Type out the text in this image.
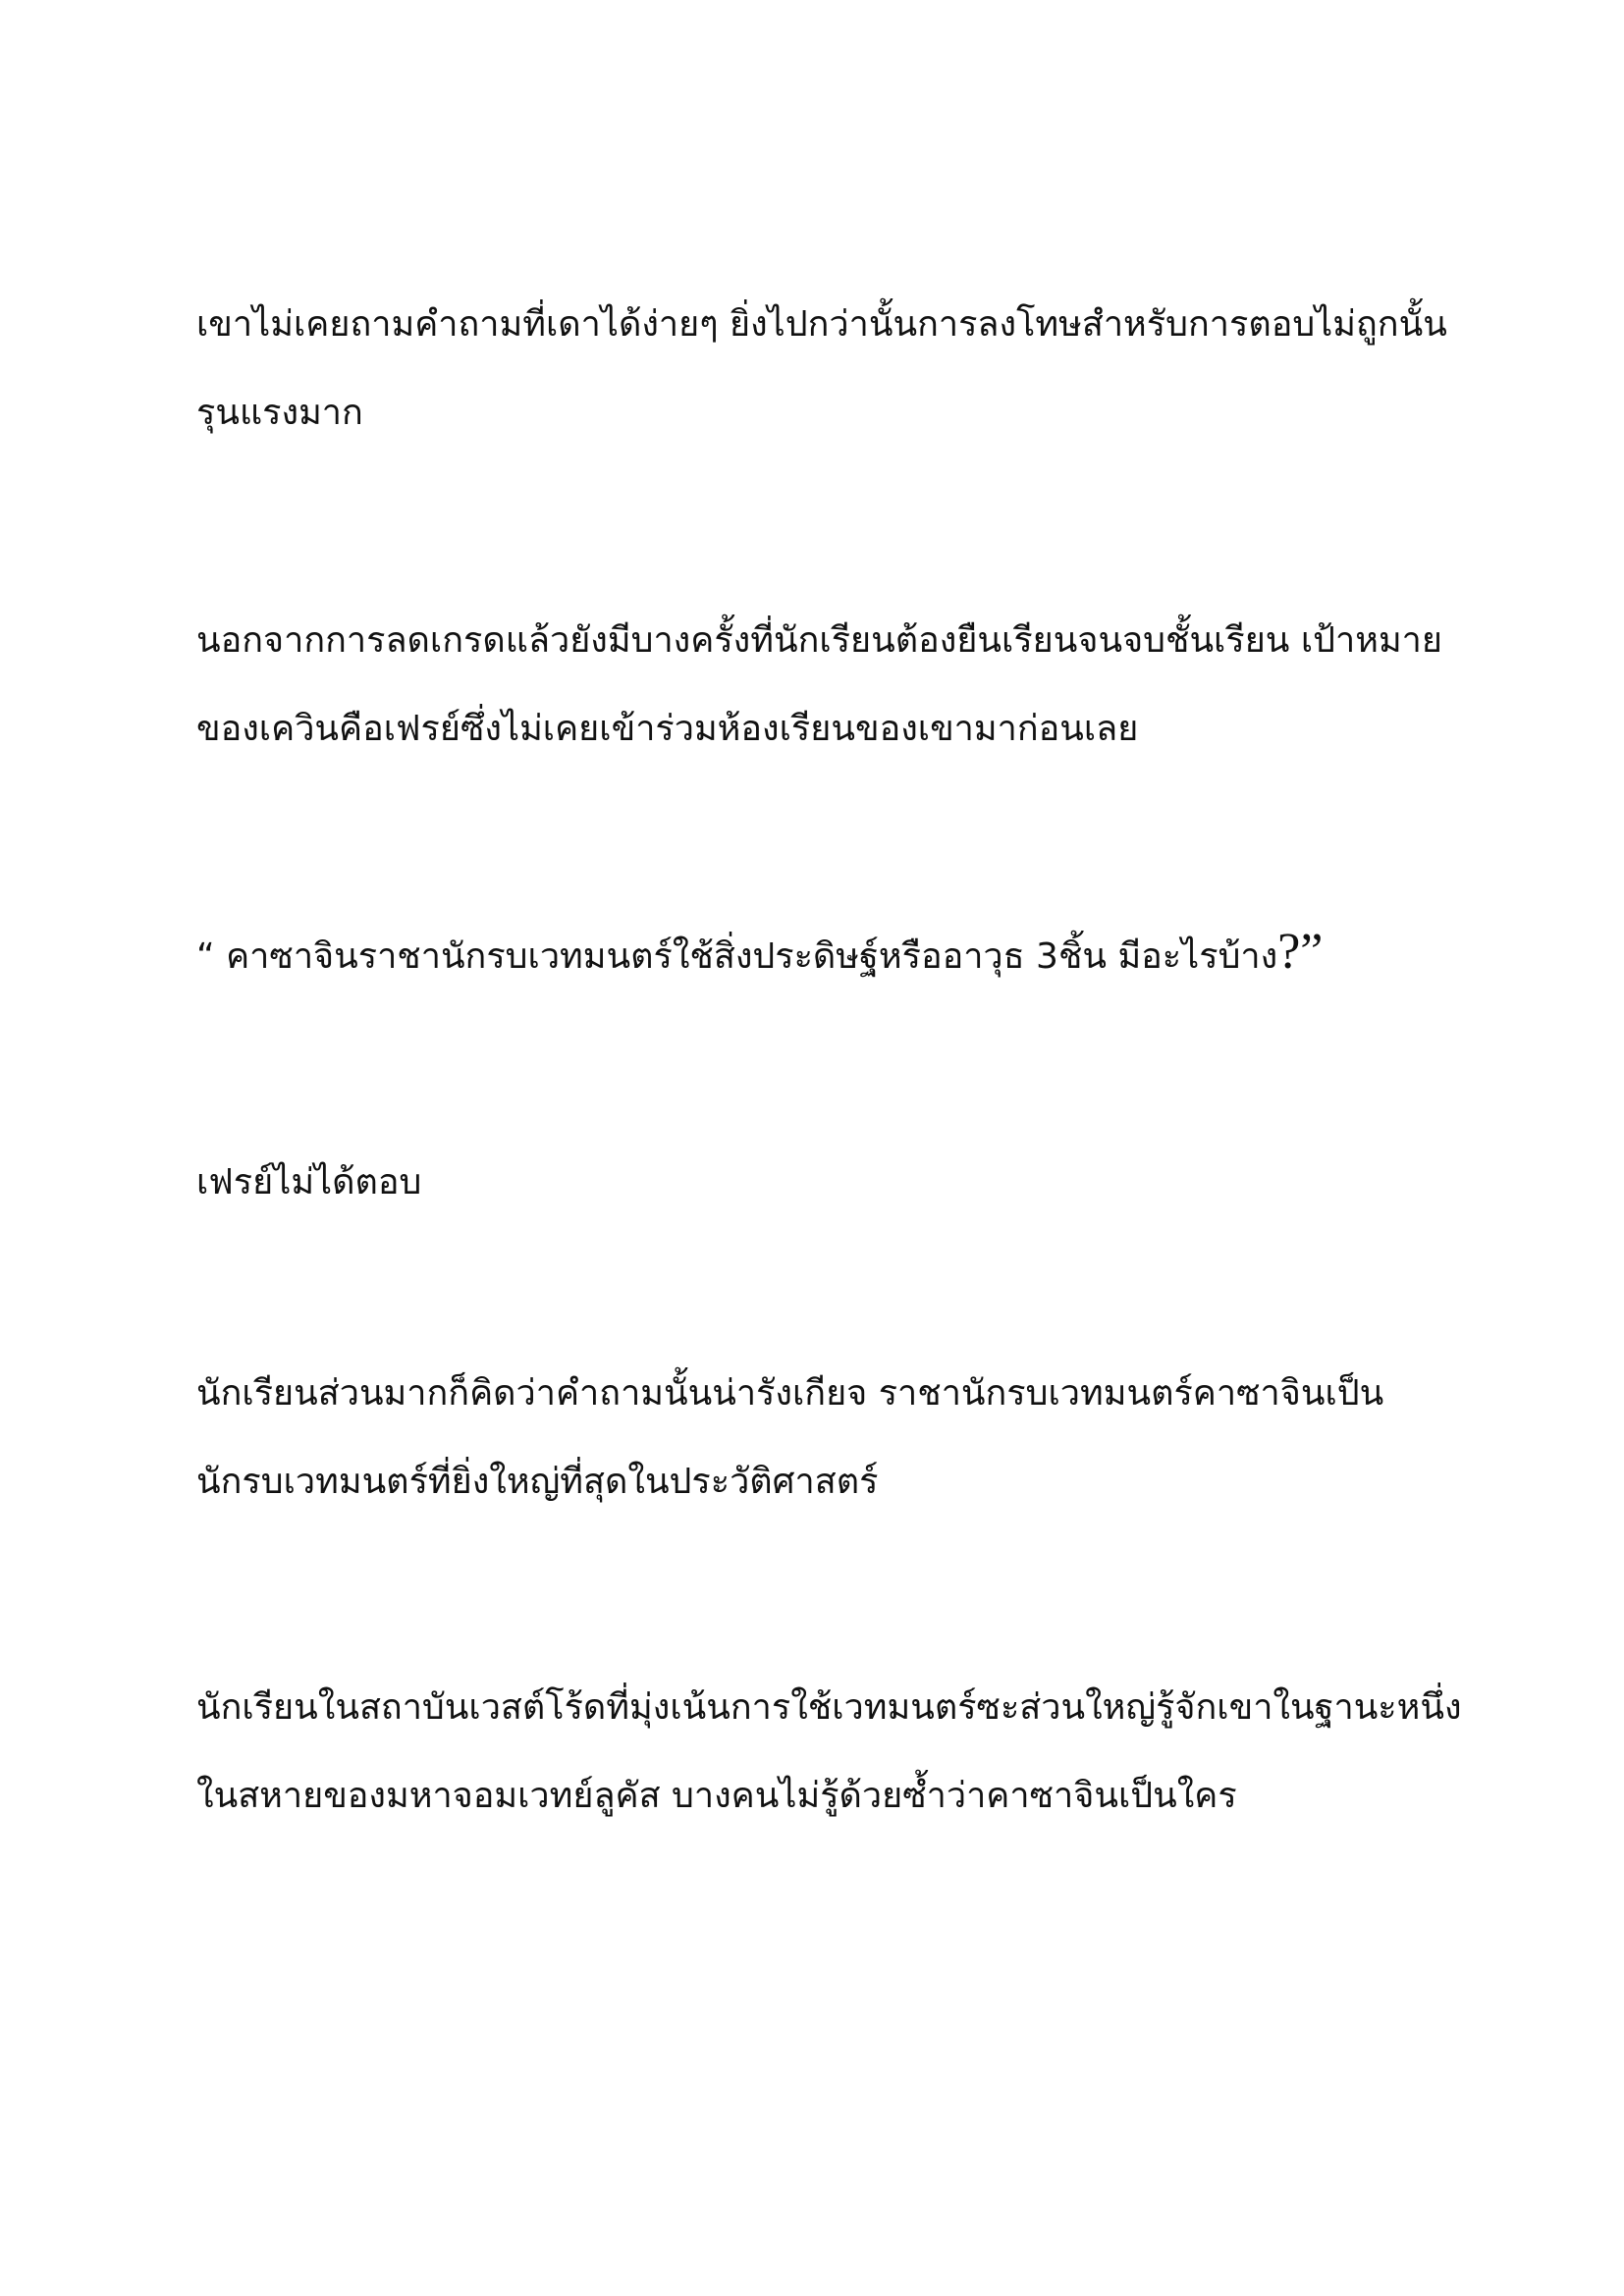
เขาไม่เคยถามคำถามที่เดาได้ง่ายๆ ยิ่งไปกว่านั้นการลงโทษสำหรับการตอบไม่ถูกนั้น
รุนแรงมาก
นอกจากการลดเกรดแล้วยังมีบางครั้งที่นักเรียนต้องยืนเรียนจนจบชั้นเรียน เป้าหมาย
ของเควินคือเฟรย์ซึ่งไม่เคยเข้าร่วมห้องเรียนของเขามาก่อนเลย
“ คาซาจินราชานักรบเวทมนตร์ใช้สิ่งประดิษฐ์หรืออาวุธ 3ชิ้น มีอะไรบ้าง?”
เฟรย์ไม่ได้ตอบ
นักเรียนส่วนมากก็คิดว่าคำถามนั้นน่ารังเกียจ ราชานักรบเวทมนตร์คาซาจินเป็น
นักรบเวทมนตร์ที่ยิ่งใหญ่ที่สุดในประวัติศาสตร์
นักเรียนในสถาบันเวสต์โร้ดที่มุ่งเน้นการใช้เวทมนตร์ซะส่วนใหญ่รู้จักเขาในฐานะหนึ่ง
ในสหายของมหาจอมเวทย์ลูคัส บางคนไม่รู้ด้วยซ้ำว่าคาซาจินเป็นใคร
